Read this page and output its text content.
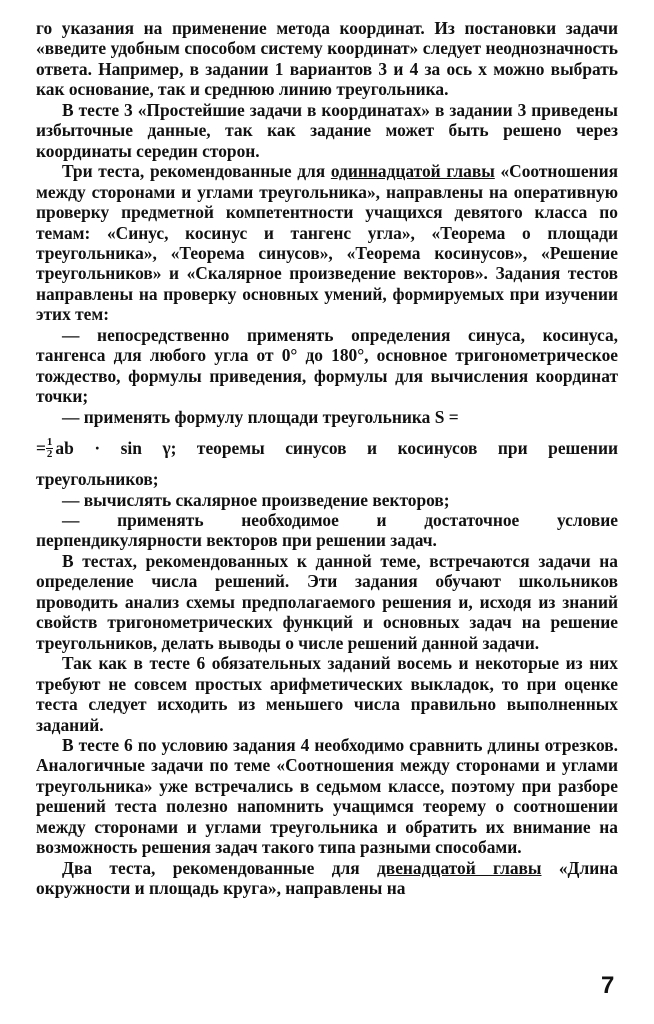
го указания на применение метода координат. Из постановки задачи «введите удобным способом систему координат» следует неоднозначность ответа. Например, в задании 1 вариантов 3 и 4 за ось x можно выбрать как основание, так и среднюю линию треугольника.

В тесте 3 «Простейшие задачи в координатах» в задании 3 приведены избыточные данные, так как задание может быть решено через координаты середин сторон.

Три теста, рекомендованные для одиннадцатой главы «Соотношения между сторонами и углами треугольника», направлены на оперативную проверку предметной компетентности учащихся девятого класса по темам: «Синус, косинус и тангенс угла», «Теорема о площади треугольника», «Теорема синусов», «Теорема косинусов», «Решение треугольников» и «Скалярное произведение векторов». Задания тестов направлены на проверку основных умений, формируемых при изучении этих тем:

— непосредственно применять определения синуса, косинуса, тангенса для любого угла от 0° до 180°, основное тригонометрическое тождество, формулы приведения, формулы для вычисления координат точки;

— применять формулу площади треугольника S =

= $\frac{1}{2}$ ab · sin γ; теоремы синусов и косинусов при решении

треугольников;

— вычислять скалярное произведение векторов;

— применять необходимое и достаточное условие перпендикулярности векторов при решении задач.

В тестах, рекомендованных к данной теме, встречаются задачи на определение числа решений. Эти задания обучают школьников проводить анализ схемы предполагаемого решения и, исходя из знаний свойств тригонометрических функций и основных задач на решение треугольников, делать выводы о числе решений данной задачи.

Так как в тесте 6 обязательных заданий восемь и некоторые из них требуют не совсем простых арифметических выкладок, то при оценке теста следует исходить из меньшего числа правильно выполненных заданий.

В тесте 6 по условию задания 4 необходимо сравнить длины отрезков. Аналогичные задачи по теме «Соотношения между сторонами и углами треугольника» уже встречались в седьмом классе, поэтому при разборе решений теста полезно напомнить учащимся теорему о соотношении между сторонами и углами треугольника и обратить их внимание на возможность решения задач такого типа разными способами.

Два теста, рекомендованные для двенадцатой главы «Длина окружности и площадь круга», направлены на

7
